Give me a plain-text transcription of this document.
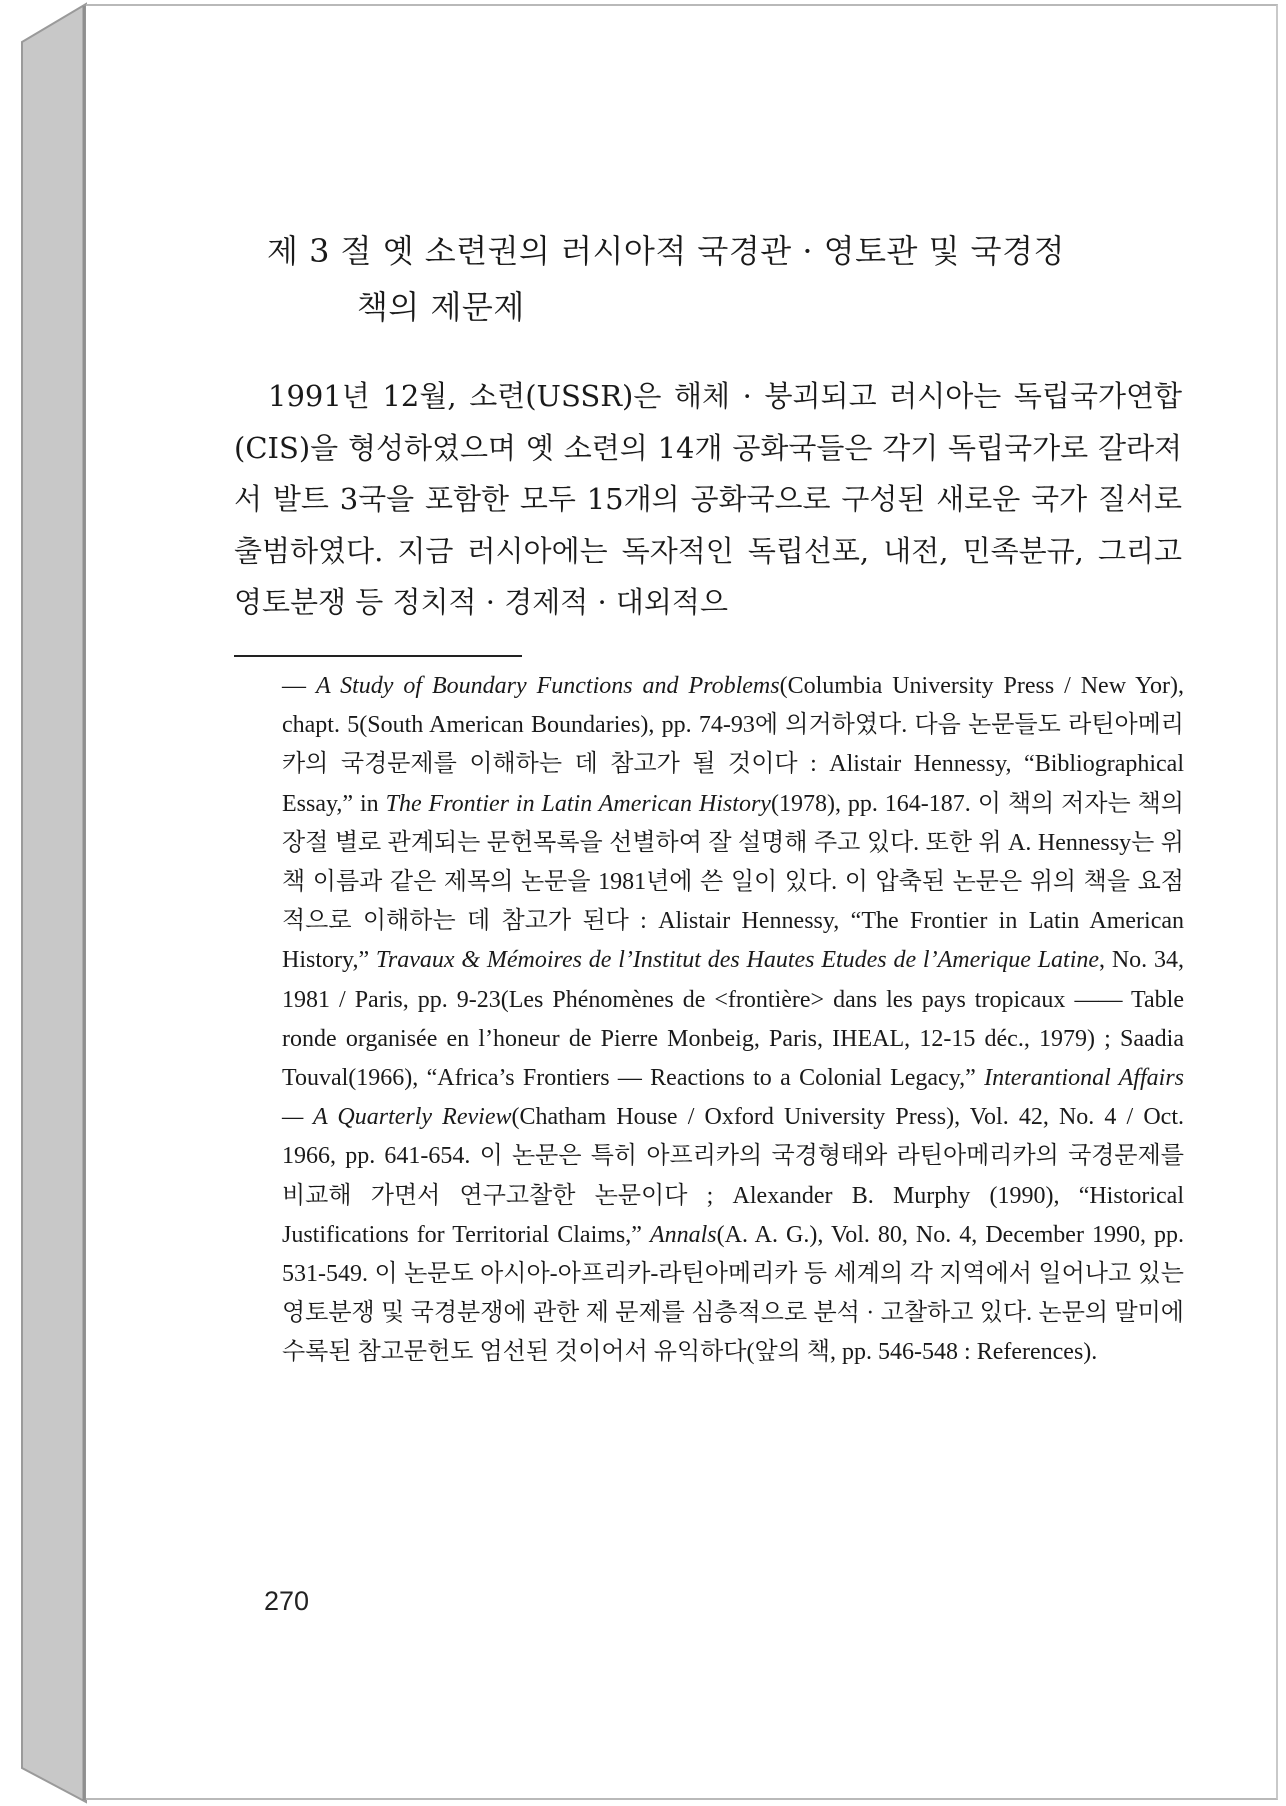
제 3 절 옛 소련권의 러시아적 국경관 · 영토관 및 국경정
책의 제문제

1991년 12월, 소련(USSR)은 해체 · 붕괴되고 러시아는 독립국가연합(CIS)을 형성하였으며 옛 소련의 14개 공화국들은 각기 독립국가로 갈라져서 발트 3국을 포함한 모두 15개의 공화국으로 구성된 새로운 국가 질서로 출범하였다. 지금 러시아에는 독자적인 독립선포, 내전, 민족분규, 그리고 영토분쟁 등 정치적 · 경제적 · 대외적으

— A Study of Boundary Functions and Problems(Columbia University Press / New Yor), chapt. 5(South American Boundaries), pp. 74-93에 의거하였다. 다음 논문들도 라틴아메리카의 국경문제를 이해하는 데 참고가 될 것이다 : Alistair Hennessy, “Bibliographical Essay,” in The Frontier in Latin American History(1978), pp. 164-187. 이 책의 저자는 책의 장절 별로 관계되는 문헌목록을 선별하여 잘 설명해 주고 있다. 또한 위 A. Hennessy는 위 책 이름과 같은 제목의 논문을 1981년에 쓴 일이 있다. 이 압축된 논문은 위의 책을 요점적으로 이해하는 데 참고가 된다 : Alistair Hennessy, “The Frontier in Latin American History,” Travaux & Mémoires de l’Institut des Hautes Etudes de l’Amerique Latine, No. 34, 1981 / Paris, pp. 9-23(Les Phénomènes de <frontière> dans les pays tropicaux —— Table ronde organisée en l’honeur de Pierre Monbeig, Paris, IHEAL, 12-15 déc., 1979) ; Saadia Touval(1966), “Africa’s Frontiers — Reactions to a Colonial Legacy,” Interantional Affairs — A Quarterly Review(Chatham House / Oxford University Press), Vol. 42, No. 4 / Oct. 1966, pp. 641-654. 이 논문은 특히 아프리카의 국경형태와 라틴아메리카의 국경문제를 비교해 가면서 연구고찰한 논문이다 ; Alexander B. Murphy (1990), “Historical Justifications for Territorial Claims,” Annals(A. A. G.), Vol. 80, No. 4, December 1990, pp. 531-549. 이 논문도 아시아-아프리카-라틴아메리카 등 세계의 각 지역에서 일어나고 있는 영토분쟁 및 국경분쟁에 관한 제 문제를 심층적으로 분석 · 고찰하고 있다. 논문의 말미에 수록된 참고문헌도 엄선된 것이어서 유익하다(앞의 책, pp. 546-548 : References).

270
